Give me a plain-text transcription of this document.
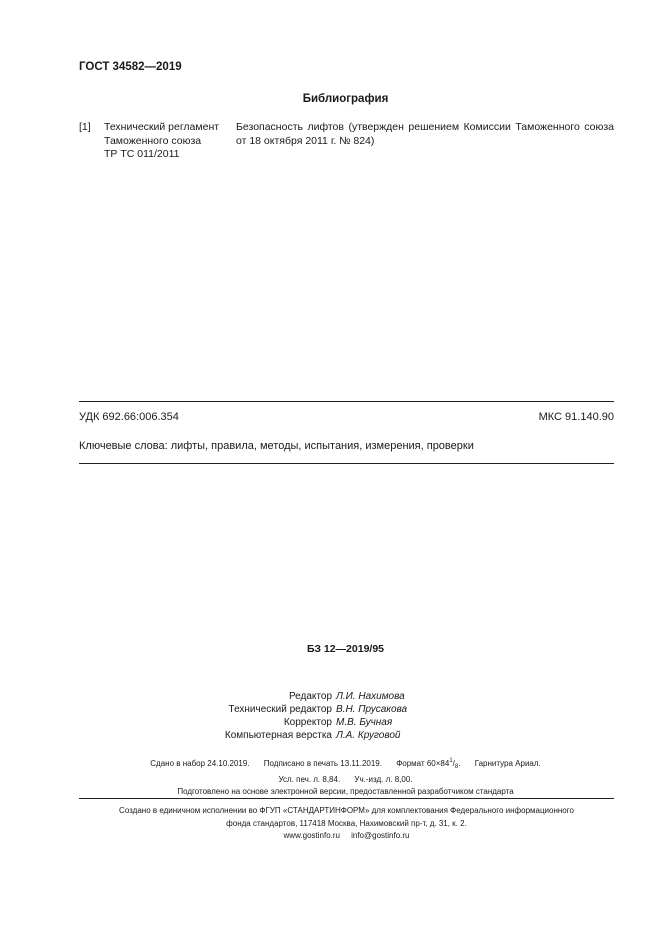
ГОСТ 34582—2019
Библиография
[1] Технический регламент
Таможенного союза
ТР ТС 011/2011
Безопасность лифтов (утвержден решением Комиссии Таможенного союза от 18 октября 2011 г. № 824)
УДК 692.66:006.354	МКС 91.140.90
Ключевые слова: лифты, правила, методы, испытания, измерения, проверки
БЗ 12—2019/95
Редактор Л.И. Нахимова
Технический редактор В.Н. Прусакова
Корректор М.В. Бучная
Компьютерная верстка Л.А. Круговой
Сдано в набор 24.10.2019. Подписано в печать 13.11.2019. Формат $60\times 84^1/_8$. Гарнитура Ариал.
Усл. печ. л. 8,84. Уч.-изд. л. 8,00.
Подготовлено на основе электронной версии, предоставленной разработчиком стандарта
Создано в единичном исполнении во ФГУП «СТАНДАРТИНФОРМ» для комплектования Федерального информационного
фонда стандартов, 117418 Москва, Нахимовский пр-т, д. 31, к. 2.
www.gostinfo.ru info@gostinfo.ru
